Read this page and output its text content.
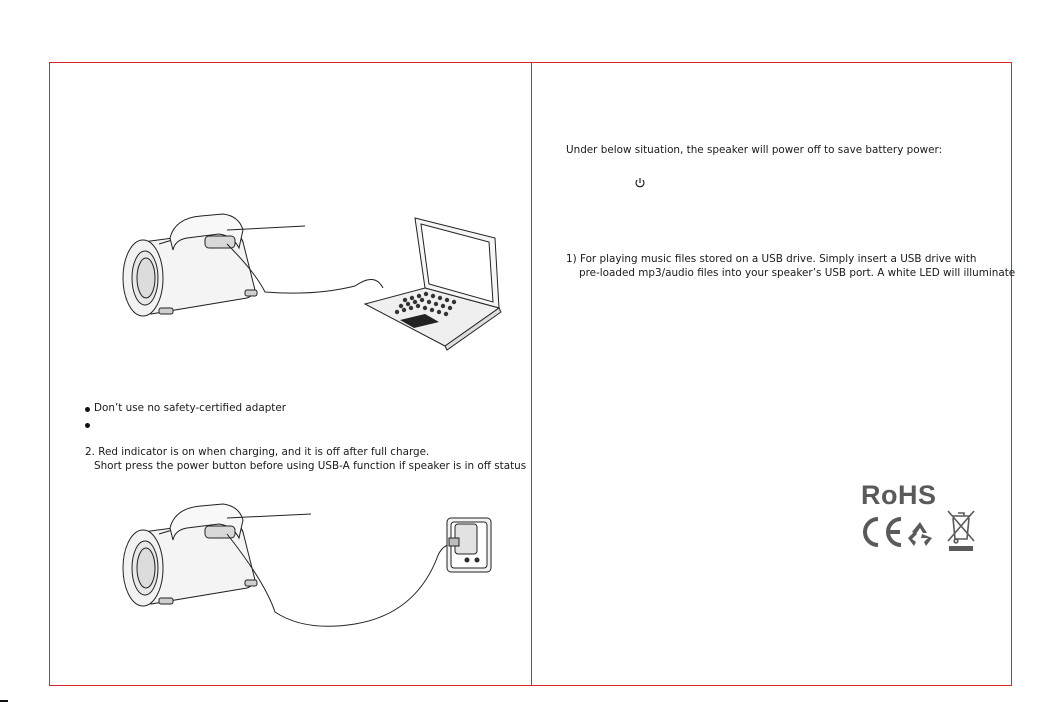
Don’t use no safety-certified adapter
2. Red indicator is on when charging, and it is off after full charge.
Short press the power button before using USB-A function if speaker is in off status
Under below situation, the speaker will power off to save battery power:
1) For playing music files stored on a USB drive. Simply insert a USB drive with
pre-loaded mp3/audio files into your speaker’s USB port. A white LED will illuminate
RoHS
